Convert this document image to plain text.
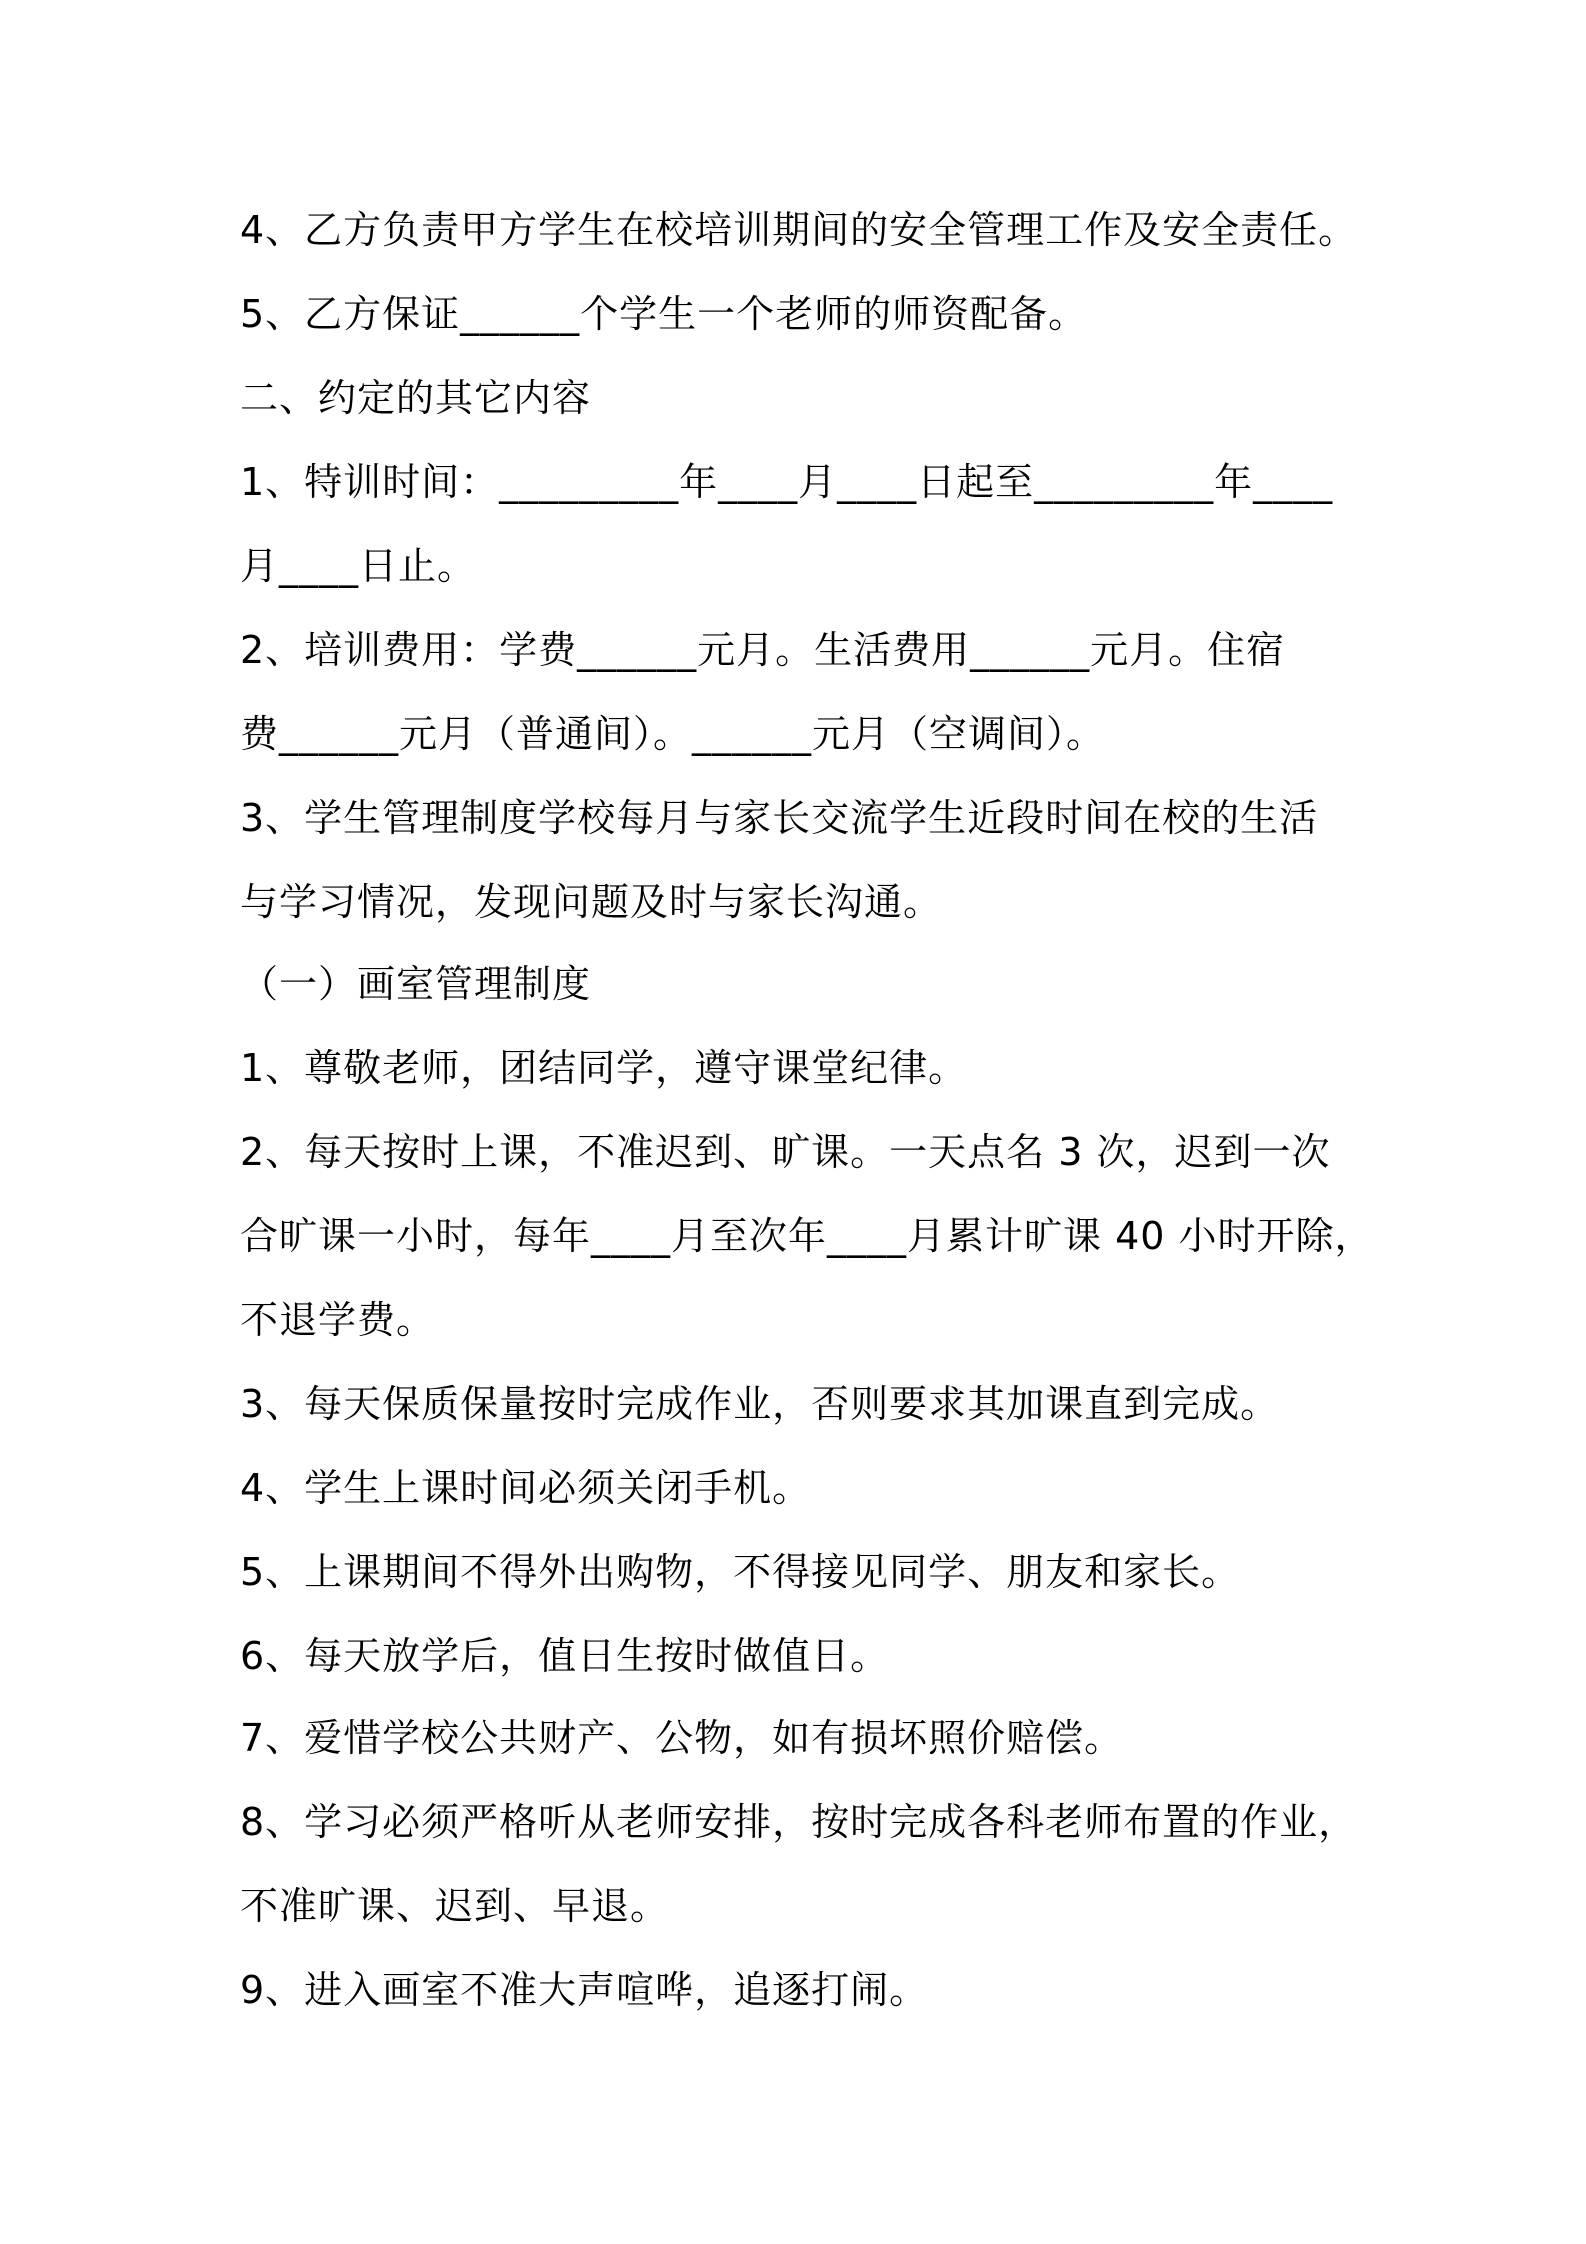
4、乙方负责甲方学生在校培训期间的安全管理工作及安全责任。
5、乙方保证______个学生一个老师的师资配备。
二、约定的其它内容
1、特训时间：_________年____月____日起至_________年____
月____日止。
2、培训费用：学费______元月。生活费用______元月。住宿
费______元月（普通间）。______元月（空调间）。
3、学生管理制度学校每月与家长交流学生近段时间在校的生活
与学习情况，发现问题及时与家长沟通。
（一）画室管理制度
1、尊敬老师，团结同学，遵守课堂纪律。
2、每天按时上课，不准迟到、旷课。一天点名 3 次，迟到一次
合旷课一小时，每年____月至次年____月累计旷课 40 小时开除，
不退学费。
3、每天保质保量按时完成作业，否则要求其加课直到完成。
4、学生上课时间必须关闭手机。
5、上课期间不得外出购物，不得接见同学、朋友和家长。
6、每天放学后，值日生按时做值日。
7、爱惜学校公共财产、公物，如有损坏照价赔偿。
8、学习必须严格听从老师安排，按时完成各科老师布置的作业，
不准旷课、迟到、早退。
9、进入画室不准大声喧哗，追逐打闹。
